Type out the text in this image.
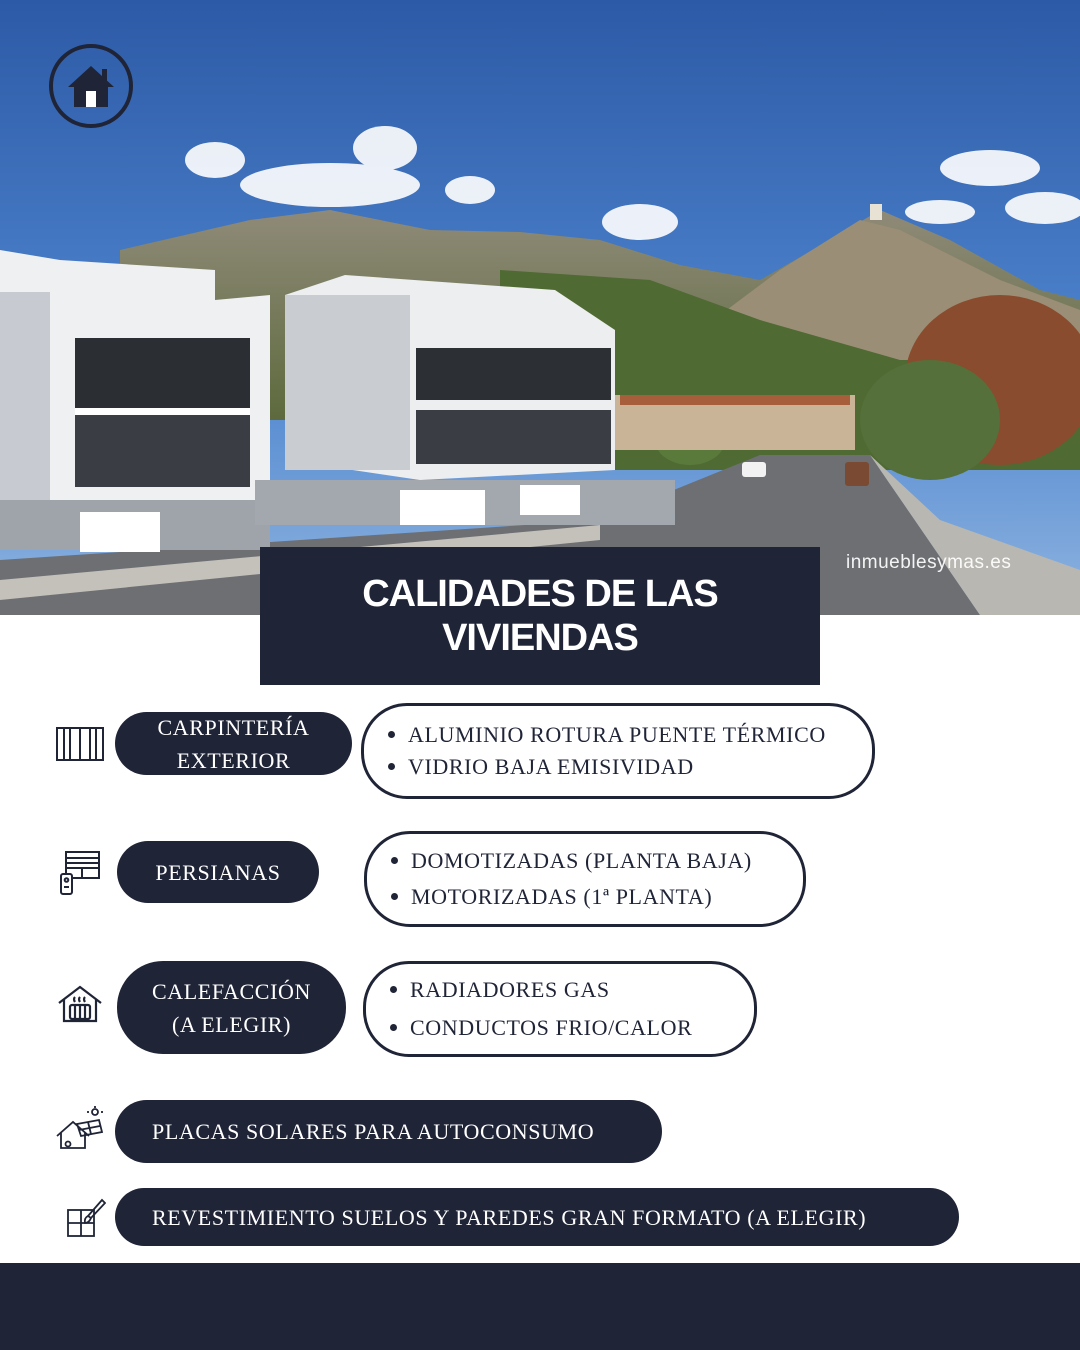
inmueblesymas.es
CALIDADES DE LAS
VIVIENDAS
CARPINTERÍA
EXTERIOR
ALUMINIO ROTURA PUENTE TÉRMICO
VIDRIO BAJA EMISIVIDAD
PERSIANAS	DOMOTIZADAS (PLANTA BAJA)
MOTORIZADAS (1ª PLANTA)
CALEFACCIÓN
(A ELEGIR)
RADIADORES GAS
CONDUCTOS FRIO/CALOR
PLACAS SOLARES PARA AUTOCONSUMO
REVESTIMIENTO SUELOS Y PAREDES GRAN FORMATO (A ELEGIR)
